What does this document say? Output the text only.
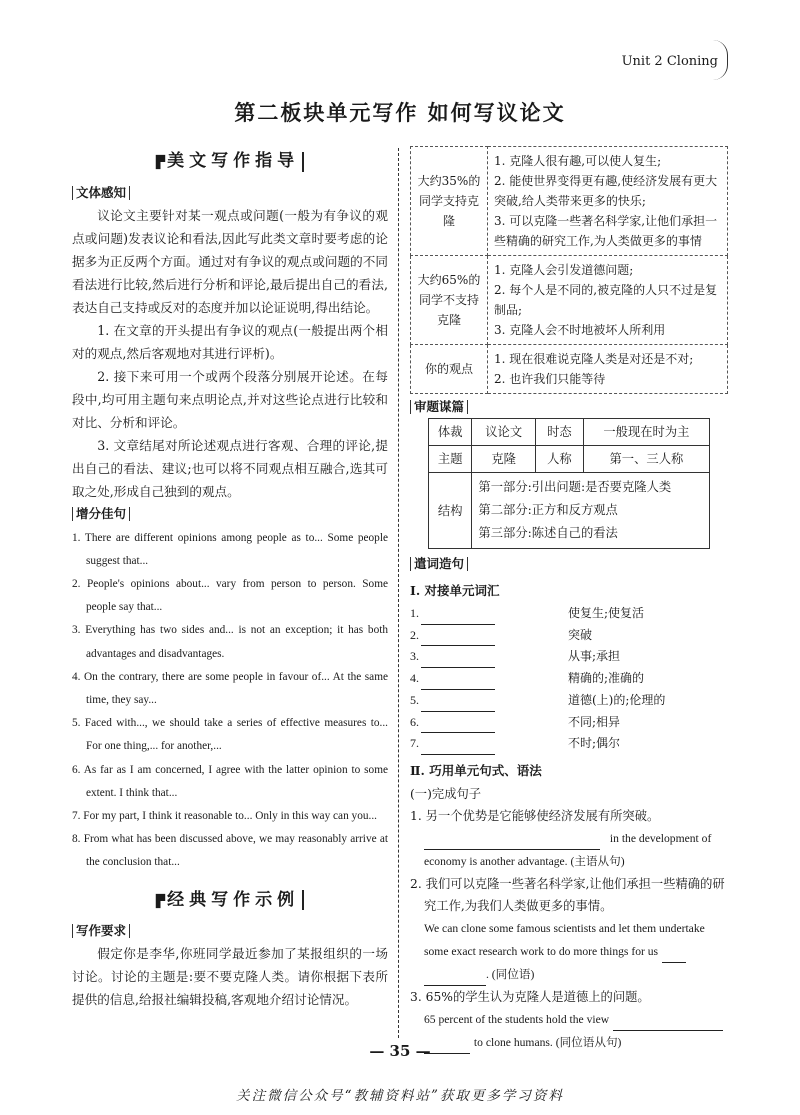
Unit 2 Cloning
第二板块单元写作 如何写议论文
▛ 美文写作指导
文体感知

议论文主要针对某一观点或问题(一般为有争议的观点或问题)发表议论和看法,因此写此类文章时要考虑的论据多为正反两个方面。通过对有争议的观点或问题的不同看法进行比较,然后进行分析和评论,最后提出自己的看法,表达自己支持或反对的态度并加以论证说明,得出结论。

1. 在文章的开头提出有争议的观点(一般提出两个相对的观点,然后客观地对其进行评析)。

2. 接下来可用一个或两个段落分别展开论述。在每段中,均可用主题句来点明论点,并对这些论点进行比较和对比、分析和评论。

3. 文章结尾对所论述观点进行客观、合理的评论,提出自己的看法、建议;也可以将不同观点相互融合,选其可取之处,形成自己独到的观点。

增分佳句
1. There are different opinions among people as to... Some people suggest that...
2. People's opinions about... vary from person to person. Some people say that...
3. Everything has two sides and... is not an exception; it has both advantages and disadvantages.
4. On the contrary, there are some people in favour of... At the same time, they say...
5. Faced with..., we should take a series of effective measures to... For one thing,... for another,...
6. As far as I am concerned, I agree with the latter opinion to some extent. I think that...
7. For my part, I think it reasonable to... Only in this way can you...
8. From what has been discussed above, we may reasonably arrive at the conclusion that...
▛ 经典写作示例
写作要求

假定你是李华,你班同学最近参加了某报组织的一场讨论。讨论的主题是:要不要克隆人类。请你根据下表所提供的信息,给报社编辑投稿,客观地介绍讨论情况。

大约35%的同学支持克隆	1. 克隆人很有趣,可以使人复生;
2. 能使世界变得更有趣,使经济发展有更大突破,给人类带来更多的快乐;
3. 可以克隆一些著名科学家,让他们承担一些精确的研究工作,为人类做更多的事情
大约65%的同学不支持克隆	1. 克隆人会引发道德问题;
2. 每个人是不同的,被克隆的人只不过是复制品;
3. 克隆人会不时地被坏人所利用
你的观点	1. 现在很难说克隆人类是对还是不对;
2. 也许我们只能等待
审题谋篇
体裁	议论文	时态	一般现在时为主
主题	克隆	人称	第一、三人称
结构	第一部分:引出问题:是否要克隆人类
第二部分:正方和反方观点
第三部分:陈述自己的看法		
遣词造句
Ⅰ. 对接单元词汇
1.	使复生;使复活
2.	突破
3.	从事;承担
4.	精确的;准确的
5.	道德(上)的;伦理的
6.	不同;相异
7.	不时;偶尔
Ⅱ. 巧用单元句式、语法

(一)完成句子

1. 另一个优势是它能够使经济发展有所突破。

in the development of

economy is another advantage. (主语从句)

2. 我们可以克隆一些著名科学家,让他们承担一些精确的研究工作,为我们人类做更多的事情。

We can clone some famous scientists and let them undertake some exact research work to do more things for us  . (同位语)

3. 65%的学生认为克隆人是道德上的问题。

65 percent of the students hold the view

to clone humans. (同位语从句)

— 35 —
关注微信公众号“教辅资料站”获取更多学习资料
